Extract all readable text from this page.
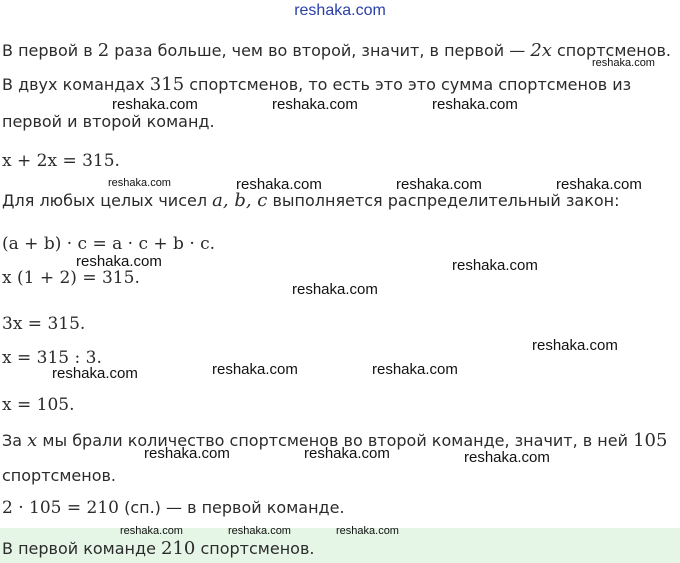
reshaka.com
В первой в 2 раза больше, чем во второй, значит, в первой — 2x спортсменов.
В двух командах 315 спортсменов, то есть это это сумма спортсменов из
первой и второй команд.
x + 2x = 315.
Для любых целых чисел a, b, c выполняется распределительный закон:
(a + b) · c = a · c + b · c.
x (1 + 2) = 315.
3x = 315.
x = 315 : 3.
x = 105.
За x мы брали количество спортсменов во второй команде, значит, в ней 105
спортсменов.
2 · 105 = 210 (сп.) — в первой команде.
В первой команде 210 спортсменов.
reshaka.com
reshaka.com	reshaka.com	reshaka.com
reshaka.com	reshaka.com	reshaka.com	reshaka.com
reshaka.com	reshaka.com
reshaka.com
reshaka.com
reshaka.com	reshaka.com	reshaka.com
reshaka.com	reshaka.com	reshaka.com
reshaka.com	reshaka.com	reshaka.com
